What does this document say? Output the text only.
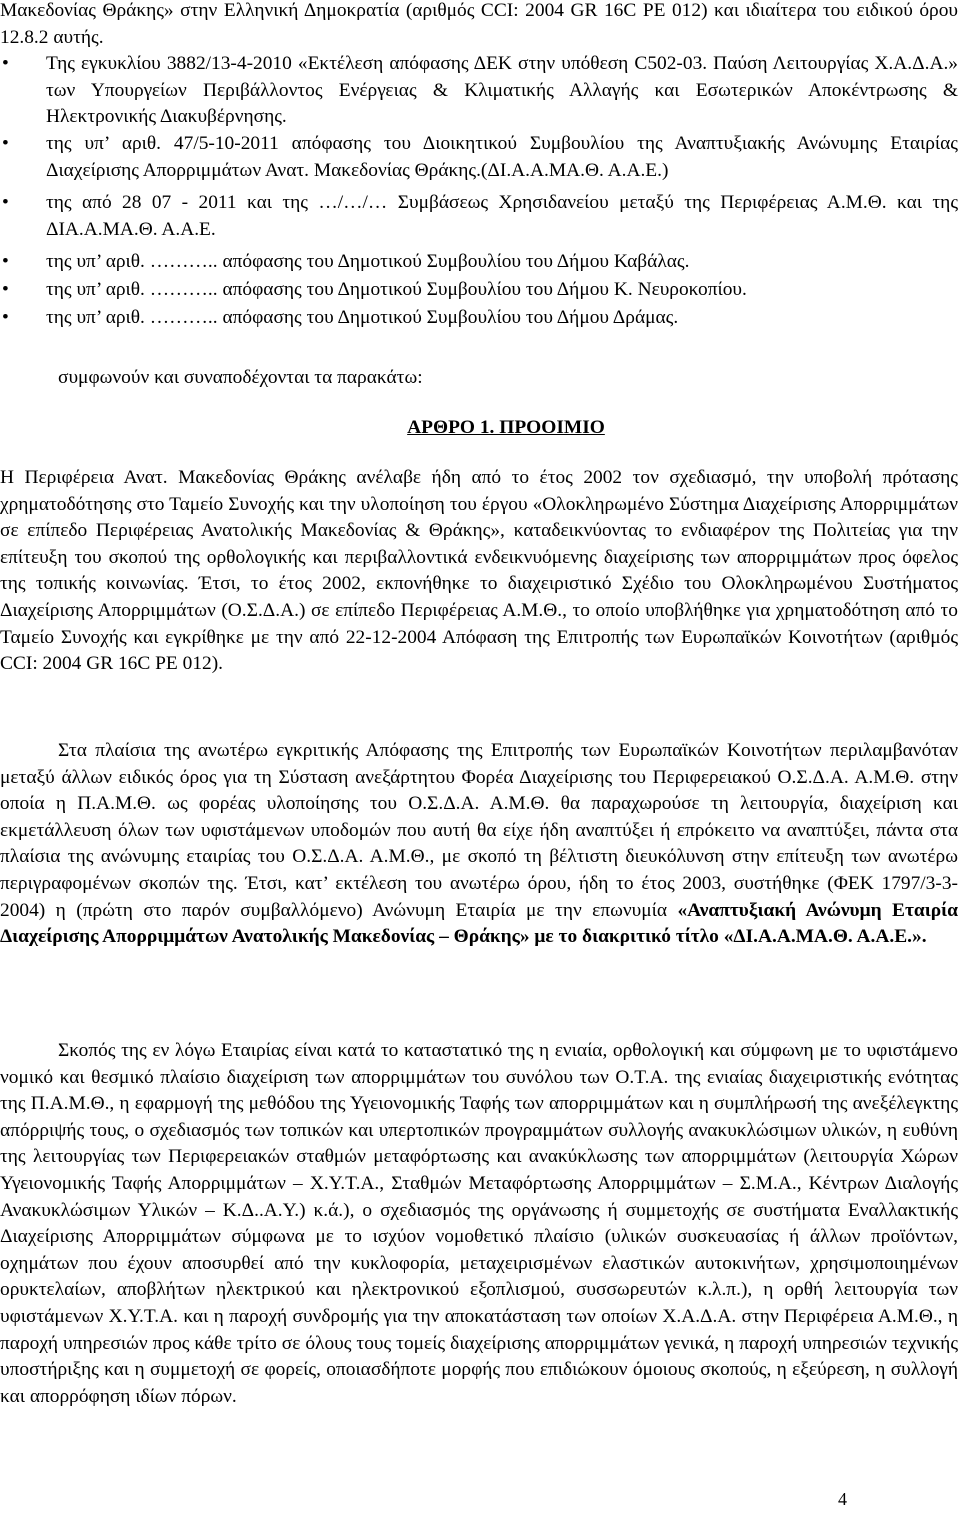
Μακεδονίας Θράκης» στην Ελληνική Δημοκρατία (αριθμός CCI: 2004 GR 16C PE 012) και ιδιαίτερα του ειδικού όρου 12.8.2 αυτής.

•	Της εγκυκλίου 3882/13-4-2010 «Εκτέλεση απόφασης ΔΕΚ στην υπόθεση C502-03. Παύση Λειτουργίας Χ.Α.Δ.Α.» των Υπουργείων Περιβάλλοντος Ενέργειας & Κλιματικής Αλλαγής και Εσωτερικών Αποκέντρωσης & Ηλεκτρονικής Διακυβέρνησης.
•	της υπ’ αριθ. 47/5-10-2011 απόφασης του Διοικητικού Συμβουλίου της Αναπτυξιακής Ανώνυμης Εταιρίας Διαχείρισης Απορριμμάτων Ανατ. Μακεδονίας Θράκης.(ΔΙ.Α.Α.ΜΑ.Θ. Α.Α.Ε.)
•	της από 28 07 - 2011 και της …/…/… Συμβάσεως Χρησιδανείου μεταξύ της Περιφέρειας Α.Μ.Θ. και της ΔΙΑ.Α.ΜΑ.Θ. Α.Α.Ε.
•	της υπ’ αριθ. ……….. απόφασης του Δημοτικού Συμβουλίου του Δήμου Καβάλας.
•	της υπ’ αριθ. ……….. απόφασης του Δημοτικού Συμβουλίου του Δήμου Κ. Νευροκοπίου.
•	της υπ’ αριθ. ……….. απόφασης του Δημοτικού Συμβουλίου του Δήμου Δράμας.

συμφωνούν και συναποδέχονται τα παρακάτω:

ΑΡΘΡΟ 1. ΠΡΟΟΙΜΙΟ

Η Περιφέρεια Ανατ. Μακεδονίας Θράκης ανέλαβε ήδη από το έτος 2002 τον σχεδιασμό, την υποβολή πρότασης χρηματοδότησης στο Ταμείο Συνοχής και την υλοποίηση του έργου «Ολοκληρωμένο Σύστημα Διαχείρισης Απορριμμάτων σε επίπεδο Περιφέρειας Ανατολικής Μακεδονίας & Θράκης», καταδεικνύοντας το ενδιαφέρον της Πολιτείας για την επίτευξη του σκοπού της ορθολογικής και περιβαλλοντικά ενδεικνυόμενης διαχείρισης των απορριμμάτων προς όφελος της τοπικής κοινωνίας. Έτσι, το έτος 2002, εκπονήθηκε το διαχειριστικό Σχέδιο του Ολοκληρωμένου Συστήματος Διαχείρισης Απορριμμάτων (Ο.Σ.Δ.Α.) σε επίπεδο Περιφέρειας Α.Μ.Θ., το οποίο υποβλήθηκε για χρηματοδότηση από το Ταμείο Συνοχής και εγκρίθηκε με την από 22-12-2004 Απόφαση της Επιτροπής των Ευρωπαϊκών Κοινοτήτων (αριθμός CCI: 2004 GR 16C PE 012).

Στα πλαίσια της ανωτέρω εγκριτικής Απόφασης της Επιτροπής των Ευρωπαϊκών Κοινοτήτων περιλαμβανόταν μεταξύ άλλων ειδικός όρος για τη Σύσταση ανεξάρτητου Φορέα Διαχείρισης του Περιφερειακού Ο.Σ.Δ.Α. Α.Μ.Θ. στην οποία η Π.Α.Μ.Θ. ως φορέας υλοποίησης του Ο.Σ.Δ.Α. Α.Μ.Θ. θα παραχωρούσε τη λειτουργία, διαχείριση και εκμετάλλευση όλων των υφιστάμενων υποδομών που αυτή θα είχε ήδη αναπτύξει ή επρόκειτο να αναπτύξει, πάντα στα πλαίσια της ανώνυμης εταιρίας του Ο.Σ.Δ.Α. Α.Μ.Θ., με σκοπό τη βέλτιστη διευκόλυνση στην επίτευξη των ανωτέρω περιγραφομένων σκοπών της. Έτσι, κατ’ εκτέλεση του ανωτέρω όρου, ήδη το έτος 2003, συστήθηκε (ΦΕΚ 1797/3-3-2004) η (πρώτη στο παρόν συμβαλλόμενο) Ανώνυμη Εταιρία με την επωνυμία «Αναπτυξιακή Ανώνυμη Εταιρία Διαχείρισης Απορριμμάτων Ανατολικής Μακεδονίας – Θράκης» με το διακριτικό τίτλο «ΔΙ.Α.Α.ΜΑ.Θ. Α.Α.Ε.».

Σκοπός της εν λόγω Εταιρίας είναι κατά το καταστατικό της η ενιαία, ορθολογική και σύμφωνη με το υφιστάμενο νομικό και θεσμικό πλαίσιο διαχείριση των απορριμμάτων του συνόλου των Ο.Τ.Α. της ενιαίας διαχειριστικής ενότητας της Π.Α.Μ.Θ., η εφαρμογή της μεθόδου της Υγειονομικής Ταφής των απορριμμάτων και η συμπλήρωσή της ανεξέλεγκτης απόρριψής τους, ο σχεδιασμός των τοπικών και υπερτοπικών προγραμμάτων συλλογής ανακυκλώσιμων υλικών, η ευθύνη της λειτουργίας των Περιφερειακών σταθμών μεταφόρτωσης και ανακύκλωσης των απορριμμάτων (λειτουργία Χώρων Υγειονομικής Ταφής Απορριμμάτων – Χ.Υ.Τ.Α., Σταθμών Μεταφόρτωσης Απορριμμάτων – Σ.Μ.Α., Κέντρων Διαλογής Ανακυκλώσιμων Υλικών – Κ.Δ..Α.Υ.) κ.ά.), ο σχεδιασμός της οργάνωσης ή συμμετοχής σε συστήματα Εναλλακτικής Διαχείρισης Απορριμμάτων σύμφωνα με το ισχύον νομοθετικό πλαίσιο (υλικών συσκευασίας ή άλλων προϊόντων, οχημάτων που έχουν αποσυρθεί από την κυκλοφορία, μεταχειρισμένων ελαστικών αυτοκινήτων, χρησιμοποιημένων ορυκτελαίων, αποβλήτων ηλεκτρικού και ηλεκτρονικού εξοπλισμού, συσσωρευτών κ.λ.π.), η ορθή λειτουργία των υφιστάμενων Χ.Υ.Τ.Α. και η παροχή συνδρομής για την αποκατάσταση των οποίων Χ.Α.Δ.Α. στην Περιφέρεια Α.Μ.Θ., η παροχή υπηρεσιών προς κάθε τρίτο σε όλους τους τομείς διαχείρισης απορριμμάτων γενικά, η παροχή υπηρεσιών τεχνικής υποστήριξης και η συμμετοχή σε φορείς, οποιασδήποτε μορφής που επιδιώκουν όμοιους σκοπούς, η εξεύρεση, η συλλογή και απορρόφηση ιδίων πόρων.

4
